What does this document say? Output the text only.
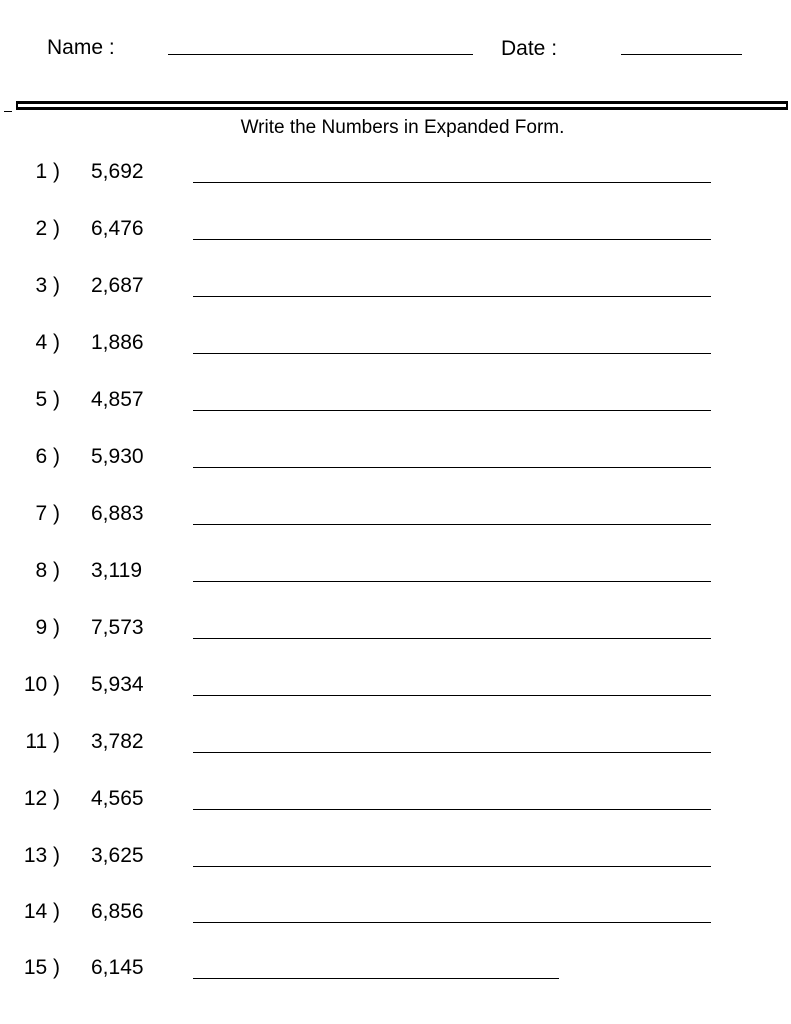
Name :	Date :
Write the Numbers in Expanded Form.
1 ) 5,692
2 ) 6,476
3 ) 2,687
4 ) 1,886
5 ) 4,857
6 ) 5,930
7 ) 6,883
8 ) 3,119
9 ) 7,573
10 ) 5,934
11 ) 3,782
12 ) 4,565
13 ) 3,625
14 ) 6,856
15 ) 6,145
